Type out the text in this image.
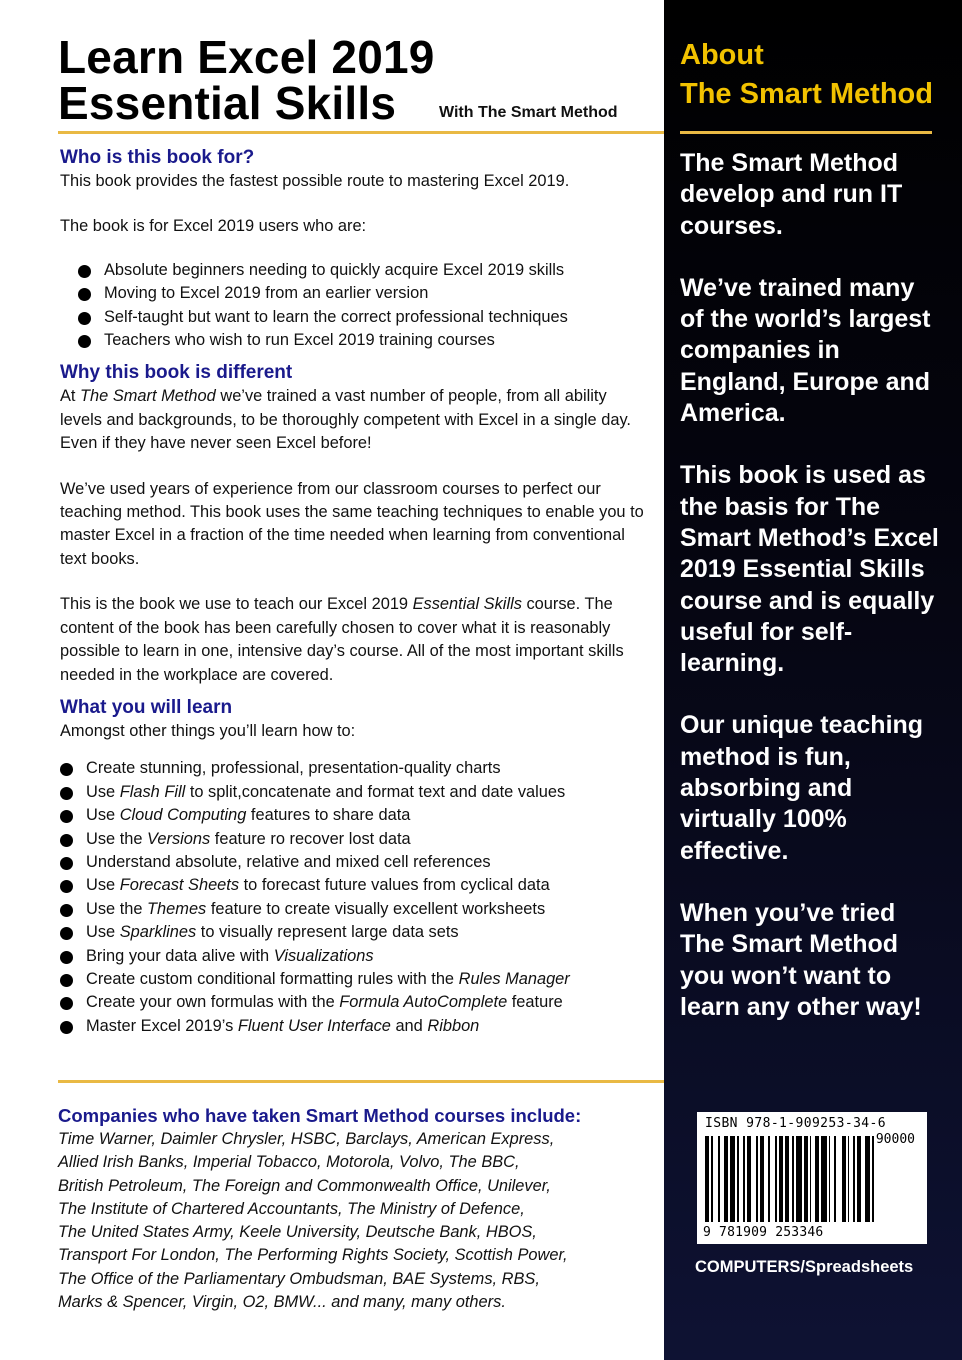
Learn Excel 2019
Essential Skills	With The Smart Method
Who is this book for?

This book provides the fastest possible route to mastering Excel 2019.

The book is for Excel 2019 users who are:

Absolute beginners needing to quickly acquire Excel 2019 skills
Moving to Excel 2019 from an earlier version
Self-taught but want to learn the correct professional techniques
Teachers who wish to run Excel 2019 training courses
Why this book is different

At The Smart Method we’ve trained a vast number of people, from all ability levels and backgrounds, to be thoroughly competent with Excel in a single day. Even if they have never seen Excel before!

We’ve used years of experience from our classroom courses to perfect our teaching method. This book uses the same teaching techniques to enable you to master Excel in a fraction of the time needed when learning from conventional text books.

This is the book we use to teach our Excel 2019 Essential Skills course. The content of the book has been carefully chosen to cover what it is reasonably possible to learn in one, intensive day’s course. All of the most important skills needed in the workplace are covered.

What you will learn

Amongst other things you’ll learn how to:

Create stunning, professional, presentation-quality charts
Use Flash Fill to split,concatenate and format text and date values
Use Cloud Computing features to share data
Use the Versions feature ro recover lost data
Understand absolute, relative and mixed cell references
Use Forecast Sheets to forecast future values from cyclical data
Use the Themes feature to create visually excellent worksheets
Use Sparklines to visually represent large data sets
Bring your data alive with Visualizations
Create custom conditional formatting rules with the Rules Manager
Create your own formulas with the Formula AutoComplete feature
Master Excel 2019’s Fluent User Interface and Ribbon
Companies who have taken Smart Method courses include:
Time Warner, Daimler Chrysler, HSBC, Barclays, American Express,
Allied Irish Banks, Imperial Tobacco, Motorola, Volvo, The BBC,
British Petroleum, The Foreign and Commonwealth Office, Unilever,
The Institute of Chartered Accountants, The Ministry of Defence,
The United States Army, Keele University, Deutsche Bank, HBOS,
Transport For London, The Performing Rights Society, Scottish Power,
The Office of the Parliamentary Ombudsman, BAE Systems, RBS,
Marks & Spencer, Virgin, O2, BMW... and many, many others.
About
The Smart Method

The Smart Method develop and run IT courses.

We’ve trained many of the world’s largest companies in England, Europe and America.

This book is used as the basis for The Smart Method’s Excel 2019 Essential Skills course and is equally useful for self-learning.

Our unique teaching method is fun, absorbing and virtually 100% effective.

When you’ve tried The Smart Method you won’t want to learn any other way!

ISBN 978-1-909253-34-6
90000
9 781909 253346
COMPUTERS/Spreadsheets
